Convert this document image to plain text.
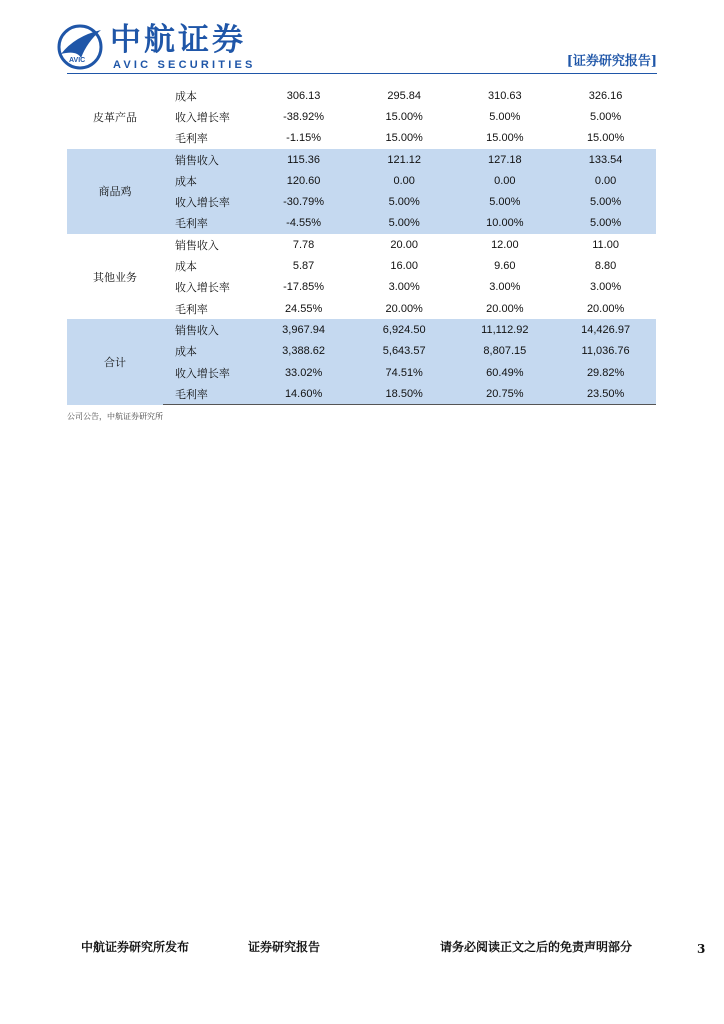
AVIC
中航证券
AVIC SECURITIES	[证券研究报告]
皮革产品	成本	306.13	295.84	310.63	326.16
	收入增长率	-38.92%	15.00%	5.00%	5.00%
	毛利率	-1.15%	15.00%	15.00%	15.00%
商品鸡	销售收入	115.36	121.12	127.18	133.54
	成本	120.60	0.00	0.00	0.00
	收入增长率	-30.79%	5.00%	5.00%	5.00%
	毛利率	-4.55%	5.00%	10.00%	5.00%
其他业务	销售收入	7.78	20.00	12.00	11.00
	成本	5.87	16.00	9.60	8.80
	收入增长率	-17.85%	3.00%	3.00%	3.00%
	毛利率	24.55%	20.00%	20.00%	20.00%
合计	销售收入	3,967.94	6,924.50	11,112.92	14,426.97
	成本	3,388.62	5,643.57	8,807.15	11,036.76
	收入增长率	33.02%	74.51%	60.49%	29.82%
	毛利率	14.60%	18.50%	20.75%	23.50%
公司公告，中航证券研究所
中航证券研究所发布	证券研究报告	请务必阅读正文之后的免责声明部分	3
